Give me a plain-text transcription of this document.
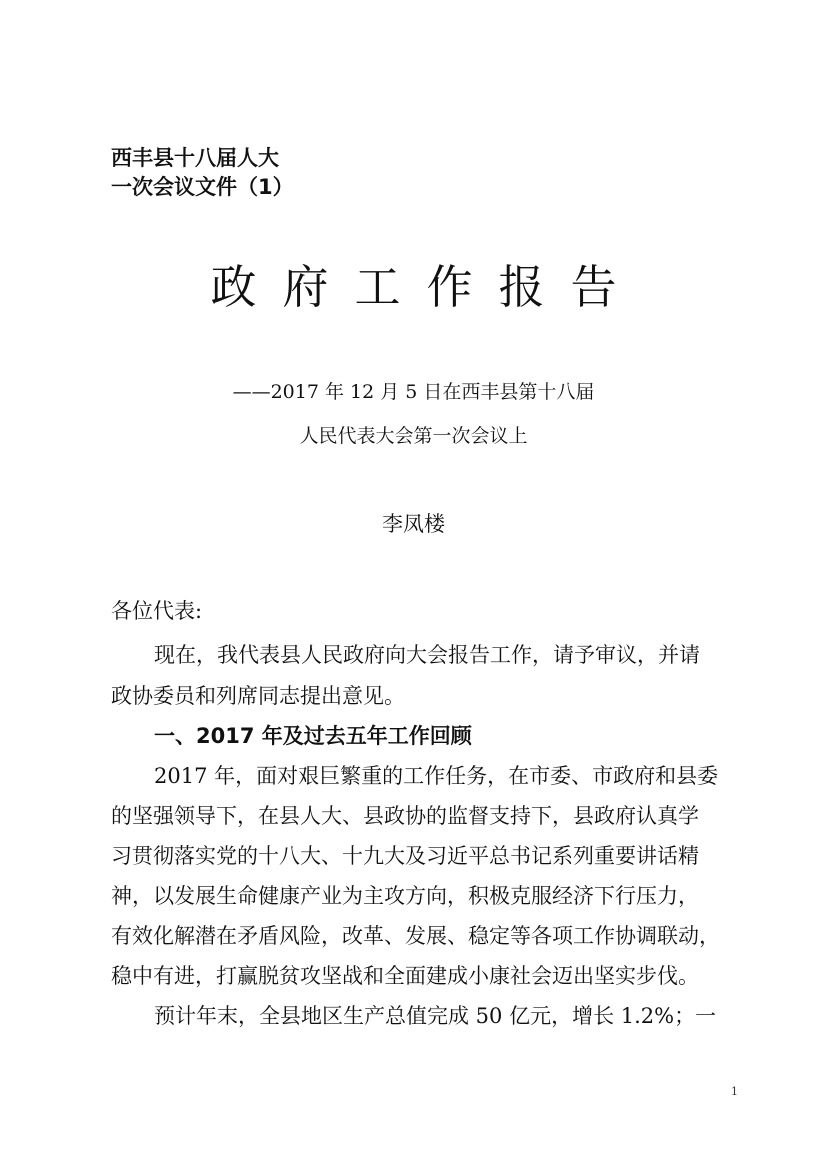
西丰县十八届人大
一次会议文件（1）
政府工作报告
——2017 年 12 月 5 日在西丰县第十八届
人民代表大会第一次会议上
李凤楼
各位代表:
现在，我代表县人民政府向大会报告工作，请予审议，并请
政协委员和列席同志提出意见。
一、2017 年及过去五年工作回顾
2017 年，面对艰巨繁重的工作任务，在市委、市政府和县委
的坚强领导下，在县人大、县政协的监督支持下，县政府认真学
习贯彻落实党的十八大、十九大及习近平总书记系列重要讲话精
神，以发展生命健康产业为主攻方向，积极克服经济下行压力，
有效化解潜在矛盾风险，改革、发展、稳定等各项工作协调联动，
稳中有进，打赢脱贫攻坚战和全面建成小康社会迈出坚实步伐。
预计年末，全县地区生产总值完成 50 亿元，增长 1.2%；一
1
